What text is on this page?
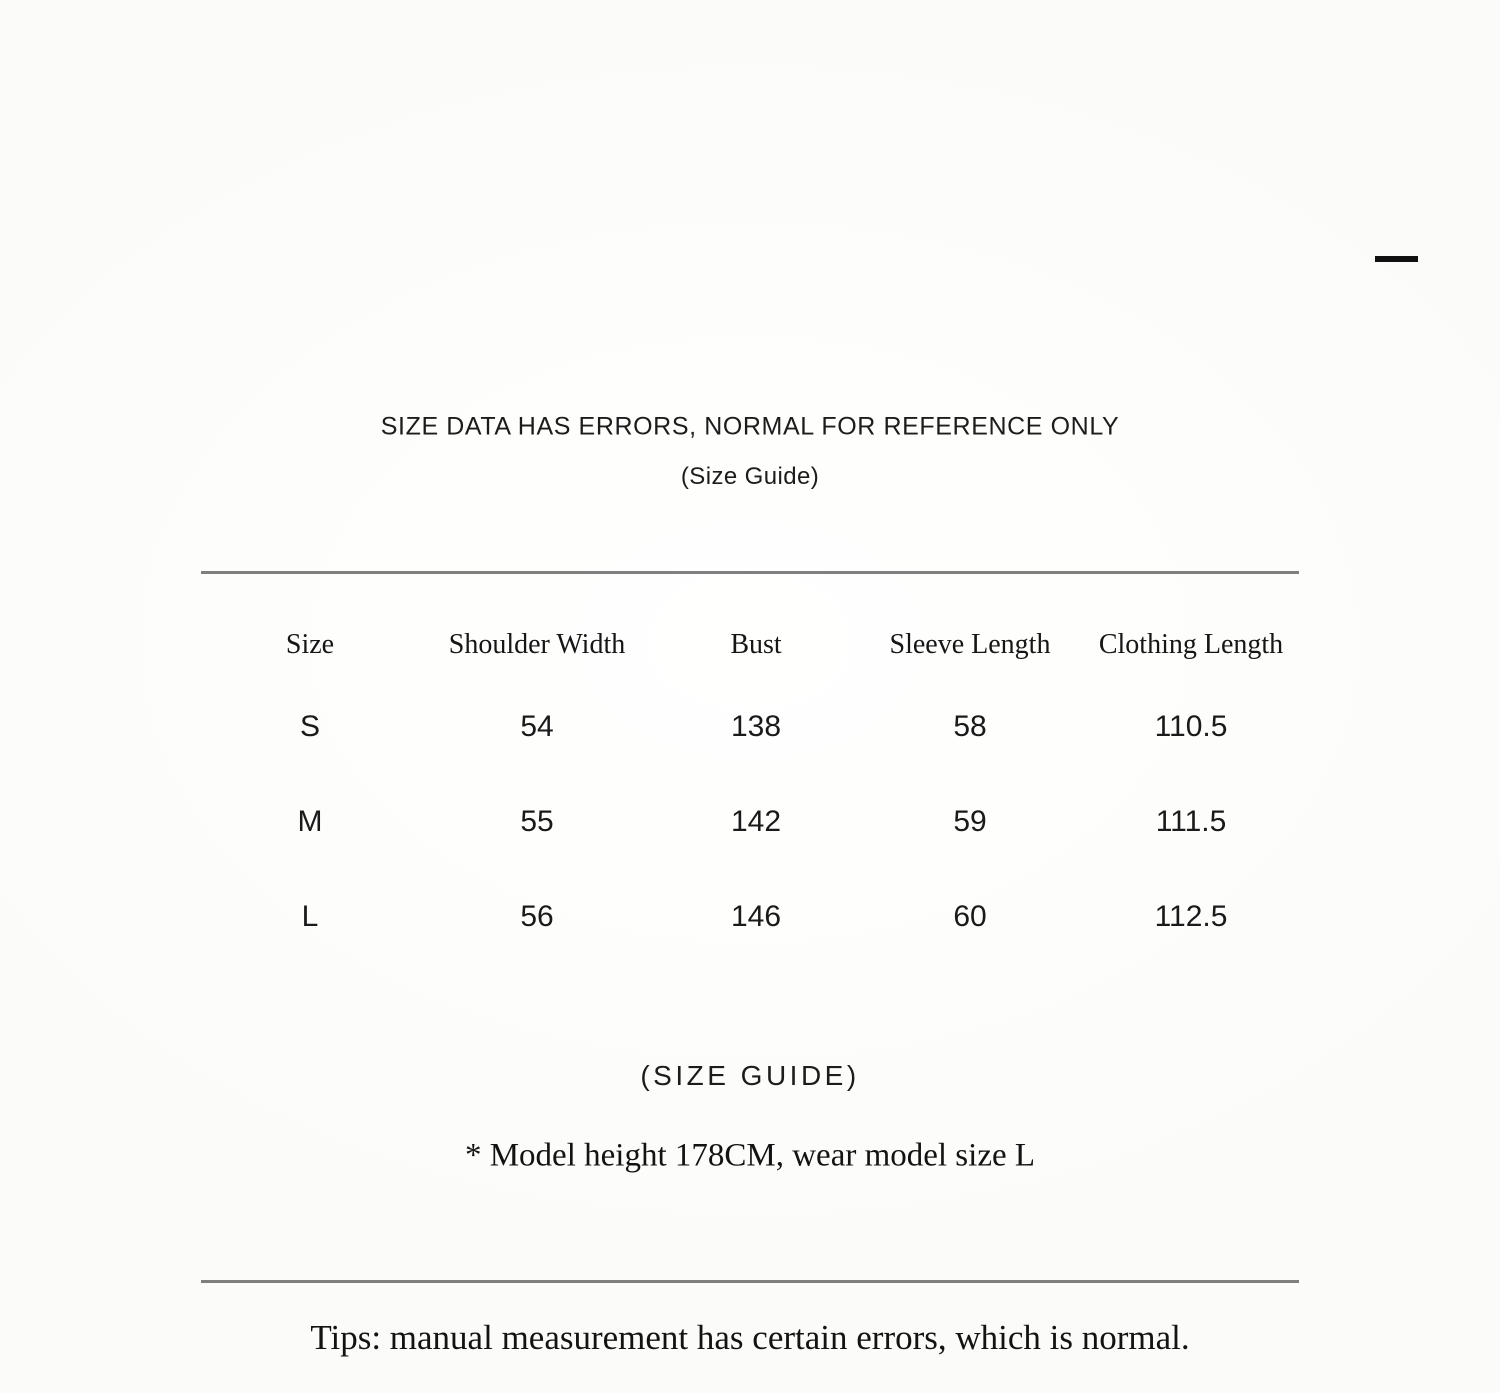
SIZE DATA HAS ERRORS, NORMAL FOR REFERENCE ONLY
(Size Guide)
Size	Shoulder Width	Bust	Sleeve Length	Clothing Length
S	54	138	58	110.5
M	55	142	59	111.5
L	56	146	60	112.5
(SIZE GUIDE)
* Model height 178CM, wear model size L
Tips: manual measurement has certain errors, which is normal.
